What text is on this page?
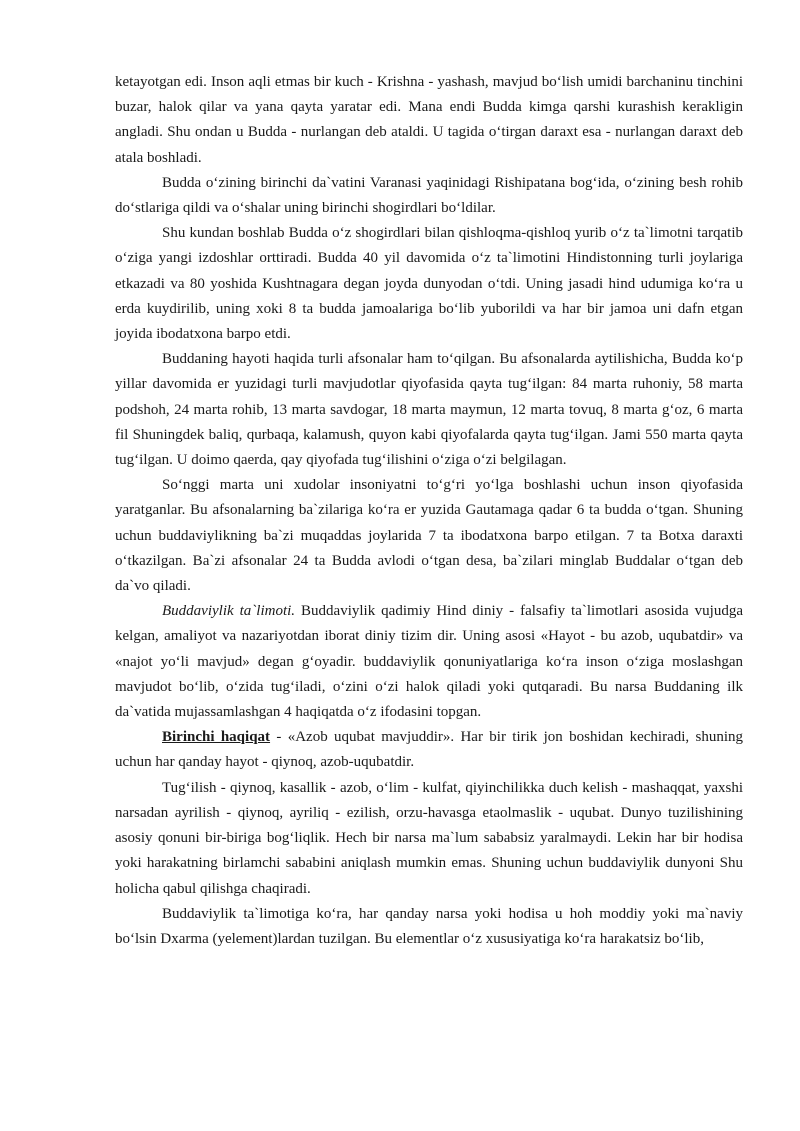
ketayotgan edi. Inson aqli etmas bir kuch - Krishna - yashash, mavjud bo‘lish umidi barchaninu tinchini buzar, halok qilar va yana qayta yaratar edi. Mana endi Budda kimga qarshi kurashish kerakligin angladi. Shu ondan u Budda - nurlangan deb ataldi. U tagida o‘tirgan daraxt esa - nurlangan daraxt deb atala boshladi.

Budda o‘zining birinchi da`vatini Varanasi yaqinidagi Rishipatana bog‘ida, o‘zining besh rohib do‘stlariga qildi va o‘shalar uning birinchi shogirdlari bo‘ldilar.

Shu kundan boshlab Budda o‘z shogirdlari bilan qishloqma-qishloq yurib o‘z ta`limotni tarqatib o‘ziga yangi izdoshlar orttiradi. Budda 40 yil davomida o‘z ta`limotini Hindistonning turli joylariga etkazadi va 80 yoshida Kushtnagara degan joyda dunyodan o‘tdi. Uning jasadi hind udumiga ko‘ra u erda kuydirilib, uning xoki 8 ta budda jamoalariga bo‘lib yuborildi va har bir jamoa uni dafn etgan joyida ibodatxona barpo etdi.

Buddaning hayoti haqida turli afsonalar ham to‘qilgan. Bu afsonalarda aytilishicha, Budda ko‘p yillar davomida er yuzidagi turli mavjudotlar qiyofasida qayta tug‘ilgan: 84 marta ruhoniy, 58 marta podshoh, 24 marta rohib, 13 marta savdogar, 18 marta maymun, 12 marta tovuq, 8 marta g‘oz, 6 marta fil Shuningdek baliq, qurbaqa, kalamush, quyon kabi qiyofalarda qayta tug‘ilgan. Jami 550 marta qayta tug‘ilgan. U doimo qaerda, qay qiyofada tug‘ilishini o‘ziga o‘zi belgilagan.

So‘nggi marta uni xudolar insoniyatni to‘g‘ri yo‘lga boshlashi uchun inson qiyofasida yaratganlar. Bu afsonalarning ba`zilariga ko‘ra er yuzida Gautamaga qadar 6 ta budda o‘tgan. Shuning uchun buddaviylikning ba`zi muqaddas joylarida 7 ta ibodatxona barpo etilgan. 7 ta Botxa daraxti o‘tkazilgan. Ba`zi afsonalar 24 ta Budda avlodi o‘tgan desa, ba`zilari minglab Buddalar o‘tgan deb da`vo qiladi.

Buddaviylik ta`limoti. Buddaviylik qadimiy Hind diniy - falsafiy ta`limotlari asosida vujudga kelgan, amaliyot va nazariyotdan iborat diniy tizim dir. Uning asosi «Hayot - bu azob, uqubatdir» va «najot yo‘li mavjud» degan g‘oyadir. buddaviylik qonuniyatlariga ko‘ra inson o‘ziga moslashgan mavjudot bo‘lib, o‘zida tug‘iladi, o‘zini o‘zi halok qiladi yoki qutqaradi. Bu narsa Buddaning ilk da`vatida mujassamlashgan 4 haqiqatda o‘z ifodasini topgan.

Birinchi haqiqat - «Azob uqubat mavjuddir». Har bir tirik jon boshidan kechiradi, shuning uchun har qanday hayot - qiynoq, azob-uqubatdir.

Tug‘ilish - qiynoq, kasallik - azob, o‘lim - kulfat, qiyinchilikka duch kelish - mashaqqat, yaxshi narsadan ayrilish - qiynoq, ayriliq - ezilish, orzu-havasga etaolmaslik - uqubat. Dunyo tuzilishining asosiy qonuni bir-biriga bog‘liqlik. Hech bir narsa ma`lum sababsiz yaralmaydi. Lekin har bir hodisa yoki harakatning birlamchi sababini aniqlash mumkin emas. Shuning uchun buddaviylik dunyoni Shu holicha qabul qilishga chaqiradi.

Buddaviylik ta`limotiga ko‘ra, har qanday narsa yoki hodisa u hoh moddiy yoki ma`naviy bo‘lsin Dxarma (yelement)lardan tuzilgan. Bu elementlar o‘z xususiyatiga ko‘ra harakatsiz bo‘lib,
